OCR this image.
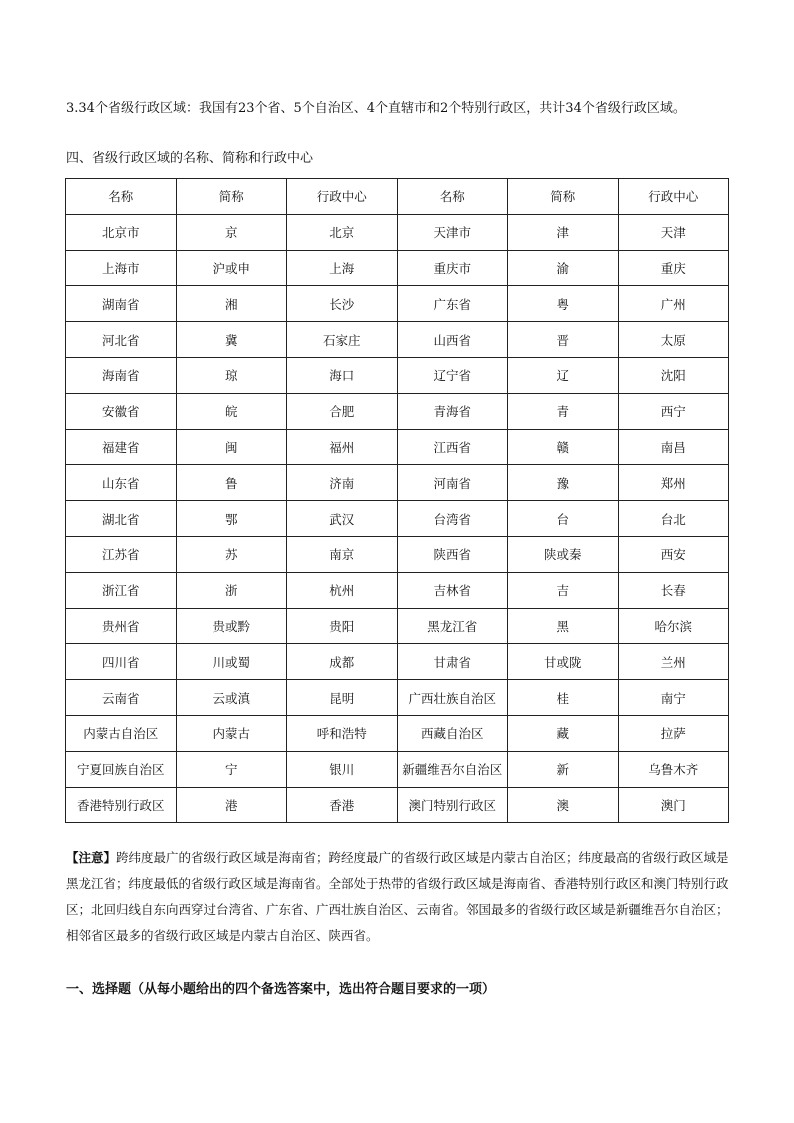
3.34个省级行政区域：我国有23个省、5个自治区、4个直辖市和2个特别行政区，共计34个省级行政区域。
四、省级行政区域的名称、简称和行政中心
名称	简称	行政中心	名称	简称	行政中心
北京市	京	北京	天津市	津	天津
上海市	沪或申	上海	重庆市	渝	重庆
湖南省	湘	长沙	广东省	粤	广州
河北省	冀	石家庄	山西省	晋	太原
海南省	琼	海口	辽宁省	辽	沈阳
安徽省	皖	合肥	青海省	青	西宁
福建省	闽	福州	江西省	赣	南昌
山东省	鲁	济南	河南省	豫	郑州
湖北省	鄂	武汉	台湾省	台	台北
江苏省	苏	南京	陕西省	陕或秦	西安
浙江省	浙	杭州	吉林省	吉	长春
贵州省	贵或黔	贵阳	黑龙江省	黑	哈尔滨
四川省	川或蜀	成都	甘肃省	甘或陇	兰州
云南省	云或滇	昆明	广西壮族自治区	桂	南宁
内蒙古自治区	内蒙古	呼和浩特	西藏自治区	藏	拉萨
宁夏回族自治区	宁	银川	新疆维吾尔自治区	新	乌鲁木齐
香港特别行政区	港	香港	澳门特别行政区	澳	澳门
【注意】跨纬度最广的省级行政区域是海南省；跨经度最广的省级行政区域是内蒙古自治区；纬度最高的省级行政区域是黑龙江省；纬度最低的省级行政区域是海南省。全部处于热带的省级行政区域是海南省、香港特别行政区和澳门特别行政区；北回归线自东向西穿过台湾省、广东省、广西壮族自治区、云南省。邻国最多的省级行政区域是新疆维吾尔自治区；相邻省区最多的省级行政区域是内蒙古自治区、陕西省。
一、选择题（从每小题给出的四个备选答案中，选出符合题目要求的一项）
